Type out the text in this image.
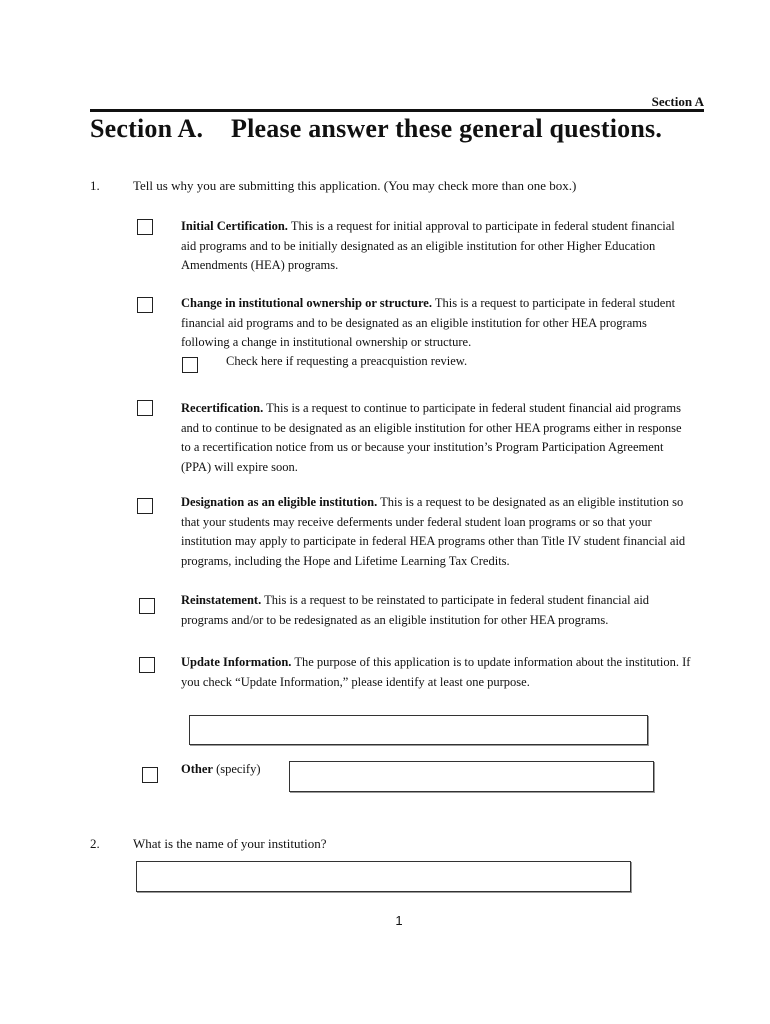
Section A
Section A. Please answer these general questions.
1.	Tell us why you are submitting this application. (You may check more than one box.)
Initial Certification. This is a request for initial approval to participate in federal student financial aid programs and to be initially designated as an eligible institution for other Higher Education Amendments (HEA) programs.
Change in institutional ownership or structure. This is a request to participate in federal student financial aid programs and to be designated as an eligible institution for other HEA programs following a change in institutional ownership or structure.
Check here if requesting a preacquistion review.
Recertification. This is a request to continue to participate in federal student financial aid programs and to continue to be designated as an eligible institution for other HEA programs either in response to a recertification notice from us or because your institution’s Program Participation Agreement (PPA) will expire soon.
Designation as an eligible institution. This is a request to be designated as an eligible institution so that your students may receive deferments under federal student loan programs or so that your institution may apply to participate in federal HEA programs other than Title IV student financial aid programs, including the Hope and Lifetime Learning Tax Credits.
Reinstatement. This is a request to be reinstated to participate in federal student financial aid programs and/or to be redesignated as an eligible institution for other HEA programs.
Update Information. The purpose of this application is to update information about the institution. If you check “Update Information,” please identify at least one purpose.
Other (specify)
2.	What is the name of your institution?
1
